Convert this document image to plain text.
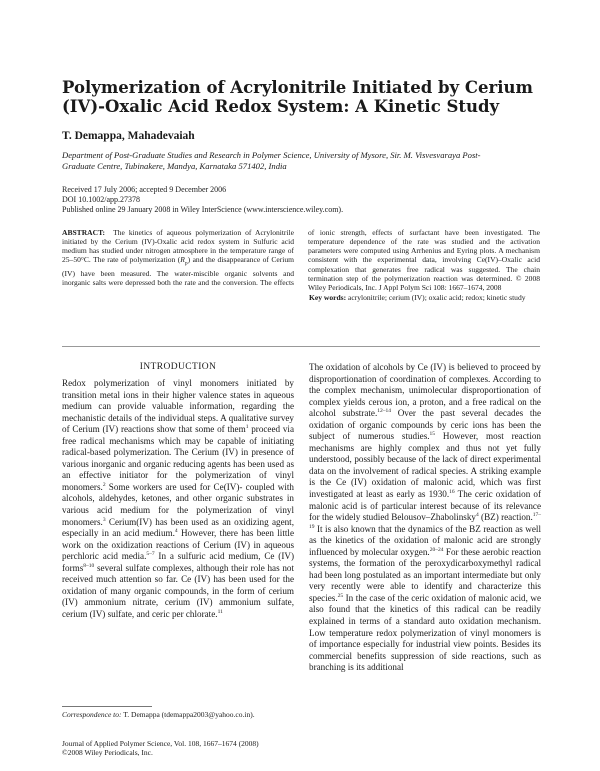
Polymerization of Acrylonitrile Initiated by Cerium (IV)-Oxalic Acid Redox System: A Kinetic Study
T. Demappa, Mahadevaiah
Department of Post-Graduate Studies and Research in Polymer Science, University of Mysore, Sir. M. Visvesvaraya Post-Graduate Centre, Tubinakere, Mandya, Karnataka 571402, India
Received 17 July 2006; accepted 9 December 2006
DOI 10.1002/app.27378
Published online 29 January 2008 in Wiley InterScience (www.interscience.wiley.com).

ABSTRACT: The kinetics of aqueous polymerization of Acrylonitrile initiated by the Cerium (IV)-Oxalic acid redox system in Sulfuric acid medium has studied under nitrogen atmosphere in the temperature range of 25–50°C. The rate of polymerization $(R_p)$ and the disappearance of Cerium (IV) have been measured. The water-miscible organic solvents and inorganic salts were depressed both the rate and the conversion. The effects of ionic strength, effects of surfactant have been investigated. The temperature dependence of the rate was studied and the activation parameters were computed using Arrhenius and Eyring plots. A mechanism consistent with the experimental data, involving Ce(IV)–Oxalic acid complexation that generates free radical was suggested. The chain termination step of the polymerization reaction was determined. © 2008 Wiley Periodicals, Inc. J Appl Polym Sci 108: 1667–1674, 2008

Key words: acrylonitrile; cerium (IV); oxalic acid; redox; kinetic study
INTRODUCTION

Redox polymerization of vinyl monomers initiated by transition metal ions in their higher valence states in aqueous medium can provide valuable information, regarding the mechanistic details of the individual steps. A qualitative survey of Cerium (IV) reactions show that some of them$^1$ proceed via free radical mechanisms which may be capable of initiating radical-based polymerization. The Cerium (IV) in presence of various inorganic and organic reducing agents has been used as an effective initiator for the polymerization of vinyl monomers.$^2$ Some workers are used for Ce(IV)- coupled with alcohols, aldehydes, ketones, and other organic substrates in various acid medium for the polymerization of vinyl monomers.$^3$ Cerium(IV) has been used as an oxidizing agent, especially in an acid medium.$^4$ However, there has been little work on the oxidization reactions of Cerium (IV) in aqueous perchloric acid media.$^{5-7}$ In a sulfuric acid medium, Ce (IV) forms$^{8-10}$ several sulfate complexes, although their role has not received much attention so far. Ce (IV) has been used for the oxidation of many organic compounds, in the form of cerium (IV) ammonium nitrate, cerium (IV) ammonium sulfate, cerium (IV) sulfate, and ceric per chlorate.$^{11}$

The oxidation of alcohols by Ce (IV) is believed to proceed by disproportionation of coordination of complexes. According to the complex mechanism, unimolecular disproportionation of complex yields cerous ion, a proton, and a free radical on the alcohol substrate.$^{12-14}$ Over the past several decades the oxidation of organic compounds by ceric ions has been the subject of numerous studies.$^{15}$ However, most reaction mechanisms are highly complex and thus not yet fully understood, possibly because of the lack of direct experimental data on the involvement of radical species. A striking example is the Ce (IV) oxidation of malonic acid, which was first investigated at least as early as 1930.16 The ceric oxidation of malonic acid is of particular interest because of its relevance for the widely studied Belousov–Zhabolinsky$^4$ (BZ) reaction.$^{17-19}$ It is also known that the dynamics of the BZ reaction as well as the kinetics of the oxidation of malonic acid are strongly influenced by molecular oxygen.$^{20-24}$ For these aerobic reaction systems, the formation of the peroxydicarboxymethyl radical had been long postulated as an important intermediate but only very recently were able to identify and characterize this species.$^{25}$ In the case of the ceric oxidation of malonic acid, we also found that the kinetics of this radical can be readily explained in terms of a standard auto oxidation mechanism. Low temperature redox polymerization of vinyl monomers is of importance especially for industrial view points. Besides its commercial benefits suppression of side reactions, such as branching is its additional

Correspondence to: T. Demappa (tdemappa2003@yahoo.co.in).
Journal of Applied Polymer Science, Vol. 108, 1667–1674 (2008)
©2008 Wiley Periodicals, Inc.
